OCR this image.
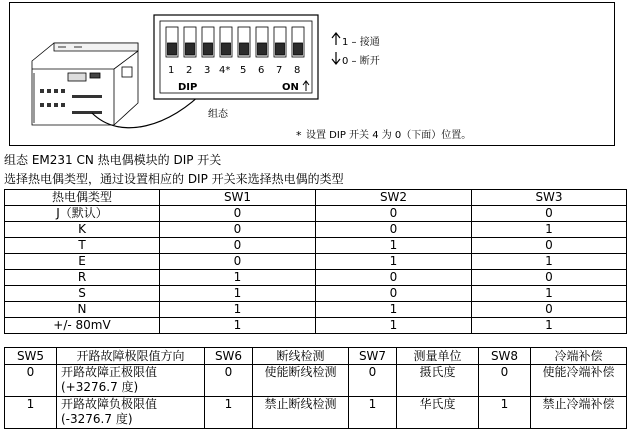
1 2 3 4* 5 6 7 8
DIP	ON
1 – 接通
0 – 断开
组态
* 设置 DIP 开关 4 为 0（下面）位置。
组态 EM231 CN 热电偶模块的 DIP 开关
选择热电偶类型，通过设置相应的 DIP 开关来选择热电偶的类型
热电偶类型	SW1	SW2	SW3
J（默认）	0	0	0
K	0	0	1
T	0	1	0
E	0	1	1
R	1	0	0
S	1	0	1
N	1	1	0
+/- 80mV	1	1	1
SW5	开路故障极限值方向	SW6	断线检测	SW7	测量单位	SW8	冷端补偿
0	开路故障正极限值(+3276.7 度)	0	使能断线检测	0	摄氏度	0	使能冷端补偿
1	开路故障负极限值(-3276.7 度)	1	禁止断线检测	1	华氏度	1	禁止冷端补偿
